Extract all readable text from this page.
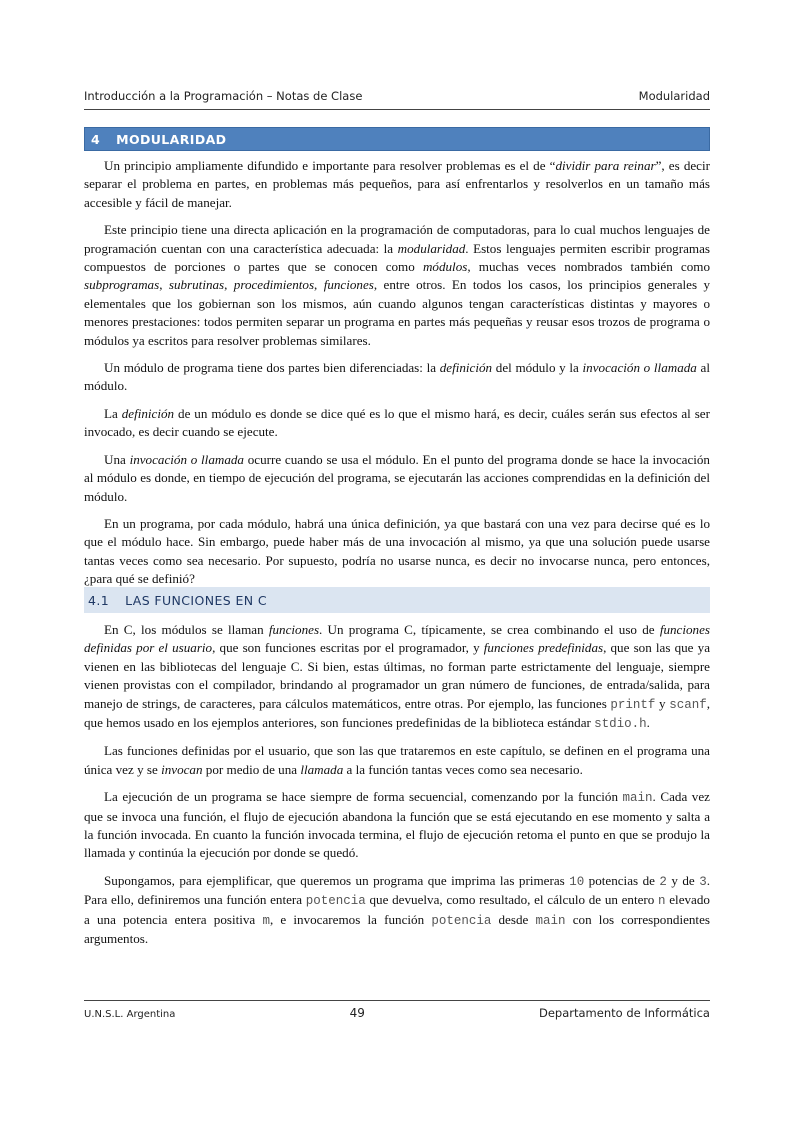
Introducción a la Programación – Notas de Clase	Modularidad
4 MODULARIDAD

Un principio ampliamente difundido e importante para resolver problemas es el de “dividir para reinar”, es decir separar el problema en partes, en problemas más pequeños, para así enfrentarlos y resolverlos en un tamaño más accesible y fácil de manejar.

Este principio tiene una directa aplicación en la programación de computadoras, para lo cual muchos lenguajes de programación cuentan con una característica adecuada: la modularidad. Estos lenguajes permiten escribir programas compuestos de porciones o partes que se conocen como módulos, muchas veces nombrados también como subprogramas, subrutinas, procedimientos, funciones, entre otros. En todos los casos, los principios generales y elementales que los gobiernan son los mismos, aún cuando algunos tengan características distintas y mayores o menores prestaciones: todos permiten separar un programa en partes más pequeñas y reusar esos trozos de programa o módulos ya escritos para resolver problemas similares.

Un módulo de programa tiene dos partes bien diferenciadas: la definición del módulo y la invocación o llamada al módulo.

La definición de un módulo es donde se dice qué es lo que el mismo hará, es decir, cuáles serán sus efectos al ser invocado, es decir cuando se ejecute.

Una invocación o llamada ocurre cuando se usa el módulo. En el punto del programa donde se hace la invocación al módulo es donde, en tiempo de ejecución del programa, se ejecutarán las acciones comprendidas en la definición del módulo.

En un programa, por cada módulo, habrá una única definición, ya que bastará con una vez para decirse qué es lo que el módulo hace. Sin embargo, puede haber más de una invocación al mismo, ya que una solución puede usarse tantas veces como sea necesario. Por supuesto, podría no usarse nunca, es decir no invocarse nunca, pero entonces, ¿para qué se definió?

4.1 LAS FUNCIONES EN C

En C, los módulos se llaman funciones. Un programa C, típicamente, se crea combinando el uso de funciones definidas por el usuario, que son funciones escritas por el programador, y funciones predefinidas, que son las que ya vienen en las bibliotecas del lenguaje C. Si bien, estas últimas, no forman parte estrictamente del lenguaje, siempre vienen provistas con el compilador, brindando al programador un gran número de funciones, de entrada/salida, para manejo de strings, de caracteres, para cálculos matemáticos, entre otras. Por ejemplo, las funciones printf y scanf, que hemos usado en los ejemplos anteriores, son funciones predefinidas de la biblioteca estándar stdio.h.

Las funciones definidas por el usuario, que son las que trataremos en este capítulo, se definen en el programa una única vez y se invocan por medio de una llamada a la función tantas veces como sea necesario.

La ejecución de un programa se hace siempre de forma secuencial, comenzando por la función main. Cada vez que se invoca una función, el flujo de ejecución abandona la función que se está ejecutando en ese momento y salta a la función invocada. En cuanto la función invocada termina, el flujo de ejecución retoma el punto en que se produjo la llamada y continúa la ejecución por donde se quedó.

Supongamos, para ejemplificar, que queremos un programa que imprima las primeras 10 potencias de 2 y de 3. Para ello, definiremos una función entera potencia que devuelva, como resultado, el cálculo de un entero n elevado a una potencia entera positiva m, e invocaremos la función potencia desde main con los correspondientes argumentos.

U.N.S.L. Argentina	49	Departamento de Informática
